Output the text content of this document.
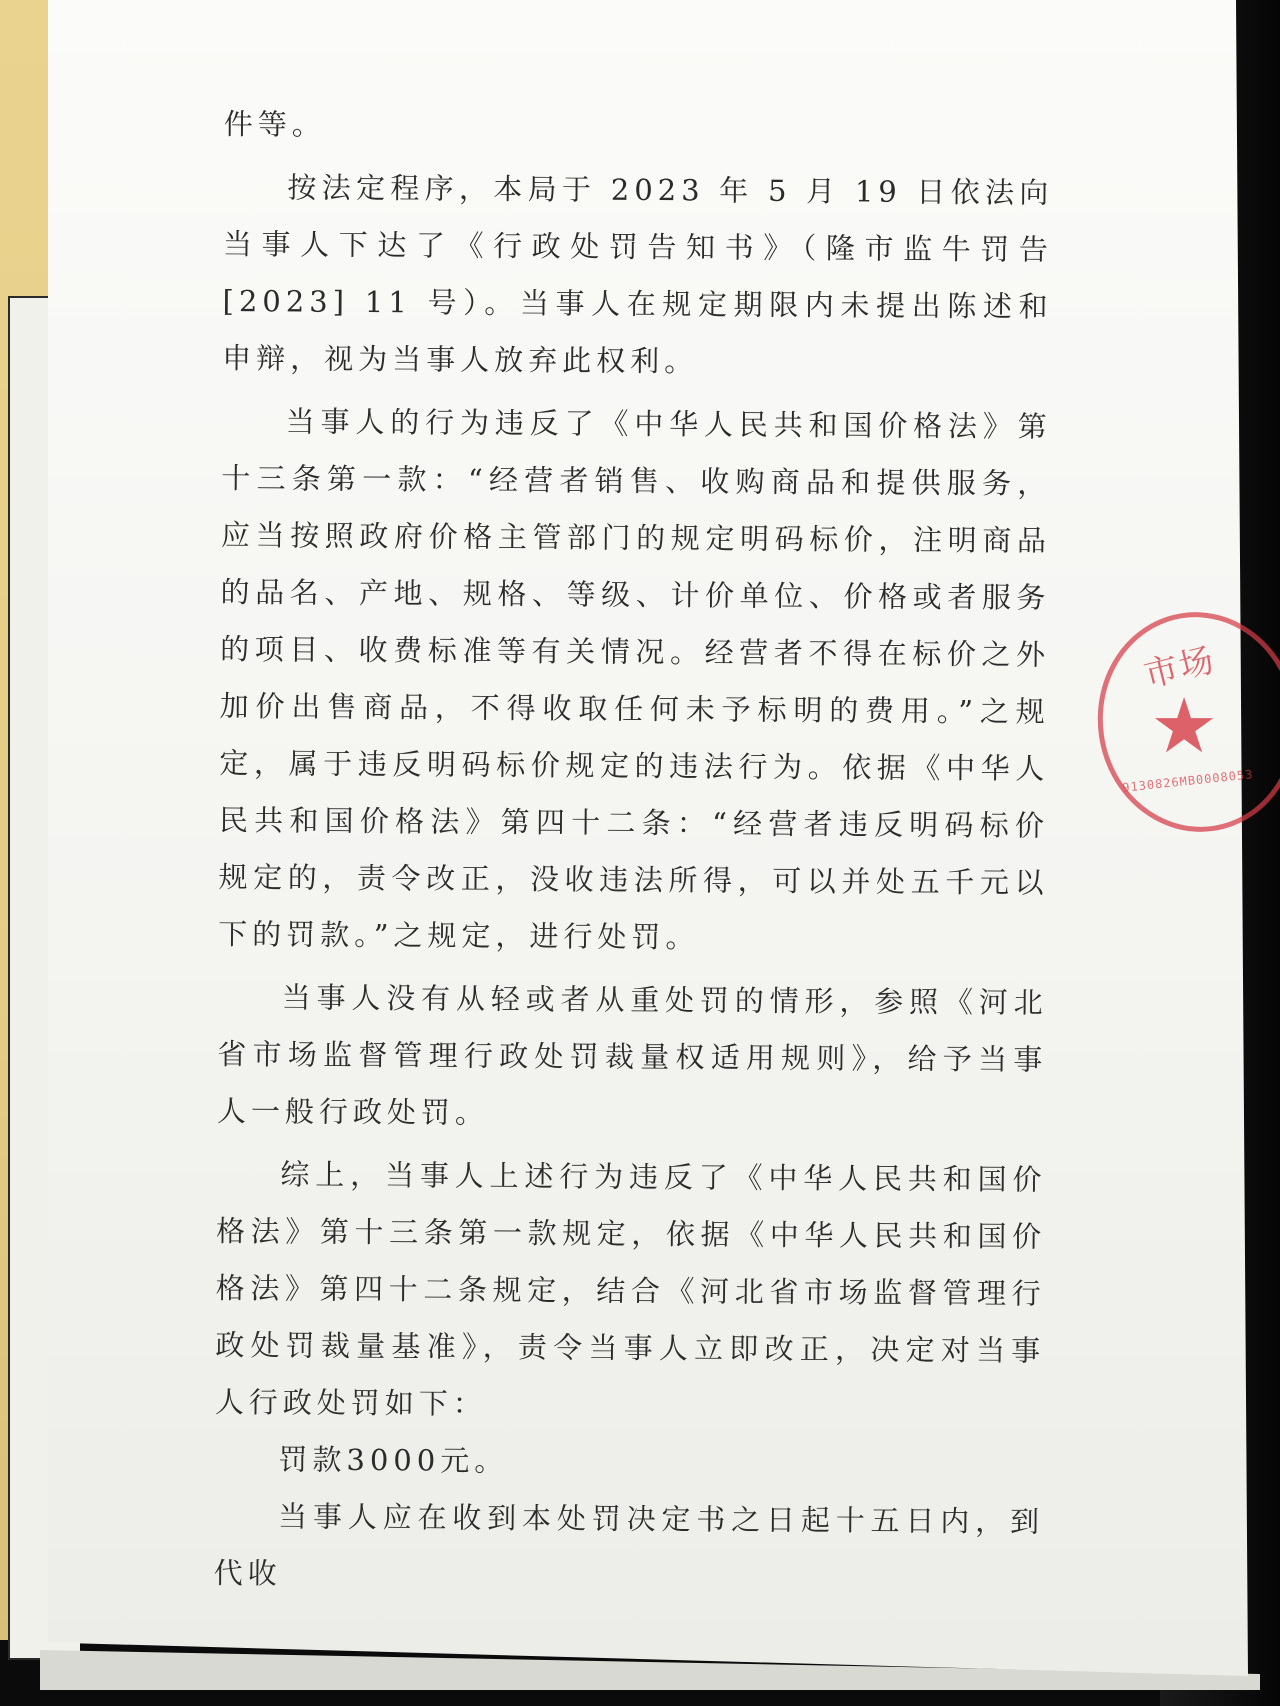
件等。

按法定程序，本局于 2023 年 5 月 19 日依法向当事人下达了《行政处罚告知书》（隆市监牛罚告[2023] 11 号）。当事人在规定期限内未提出陈述和申辩，视为当事人放弃此权利。

当事人的行为违反了《中华人民共和国价格法》第十三条第一款：“经营者销售、收购商品和提供服务，应当按照政府价格主管部门的规定明码标价，注明商品的品名、产地、规格、等级、计价单位、价格或者服务的项目、收费标准等有关情况。经营者不得在标价之外加价出售商品，不得收取任何未予标明的费用。”之规定，属于违反明码标价规定的违法行为。依据《中华人民共和国价格法》第四十二条：“经营者违反明码标价规定的，责令改正，没收违法所得，可以并处五千元以下的罚款。”之规定，进行处罚。

当事人没有从轻或者从重处罚的情形，参照《河北省市场监督管理行政处罚裁量权适用规则》，给予当事人一般行政处罚。

综上，当事人上述行为违反了《中华人民共和国价格法》第十三条第一款规定，依据《中华人民共和国价格法》第四十二条规定，结合《河北省市场监督管理行政处罚裁量基准》，责令当事人立即改正，决定对当事人行政处罚如下：

罚款3000元。

当事人应在收到本处罚决定书之日起十五日内，到代收

市场
★
9130826MB0008053
